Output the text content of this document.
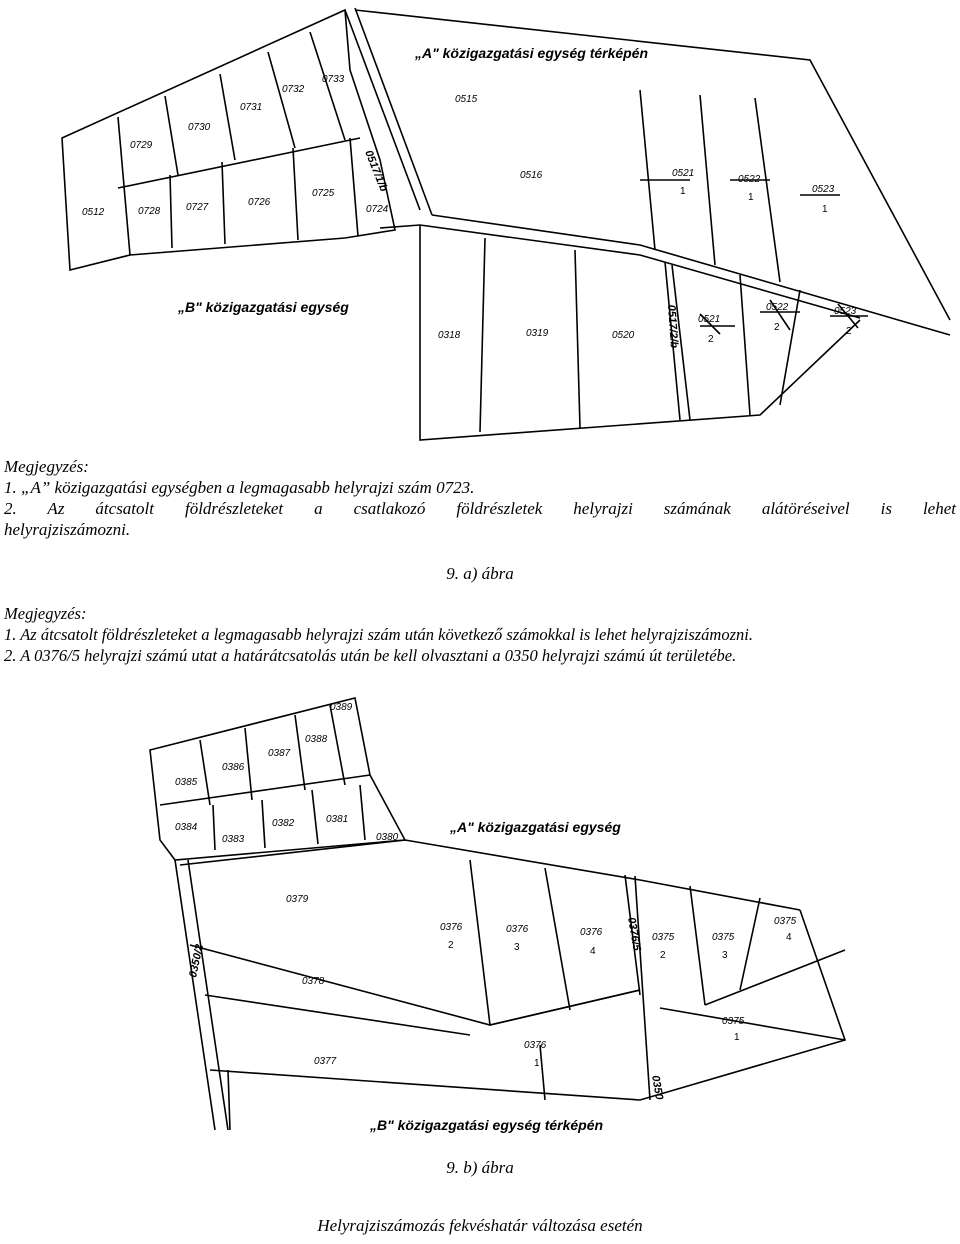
„A" közigazgatási egység térképén
„B" közigazgatási egység
0733
0732
0731
0730
0729
0512	0728	0727	0726
0725
0724
0515
0516
0517/1/b
0517/2/b
0521
1
0522
1
0523
1
0318	0319	0520
0521
2
0522
2
0523
2

Megjegyzés:

1. „A” közigazgatási egységben a legmagasabb helyrajzi szám 0723.

2. Az átcsatolt földrészleteket a csatlakozó földrészletek helyrajzi számának alátöréseivel is lehet

helyrajziszámozni.

9. a) ábra

Megjegyzés:

1. Az átcsatolt földrészleteket a legmagasabb helyrajzi szám után következő számokkal is lehet helyrajziszámozni.

2. A 0376/5 helyrajzi számú utat a határátcsatolás után be kell olvasztani a 0350 helyrajzi számú út területébe.

0389
0388
0387
0386
0385
0384
0383
0382	0381
0380
0379
0378
0377
„A" közigazgatási egység
„B" közigazgatási egység térképén
0350/2
0376/5
0350
0376
2
0376
3
0376
4
0375
2
0375
3
0375
4
0375
1
0376
1
9. b) ábra
Helyrajziszámozás fekvéshatár változása esetén
